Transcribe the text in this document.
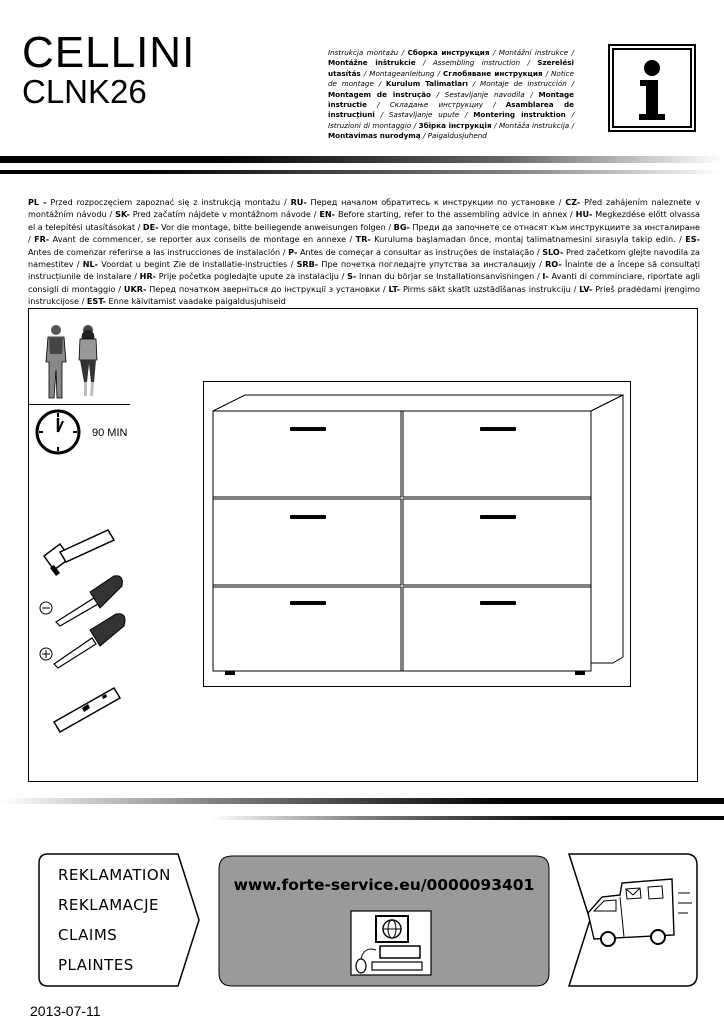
CELLINI
CLNK26
Instrukcja montażu / Сборка инструкция / Montážní instrukce / Montážne inštrukcie / Assembling instruction / Szerelési utasítás / Montageanleitung / Сглобяване инструкция / Notice de montage / Kurulum Talimatları / Montaje de instrucción / Montagem de instrução / Sestavljanje navodila / Montage instructie / Складање инструкциу / Asamblarea de instrucțiuni / Sastavljanje upute / Montering instruktion / Istruzioni di montaggio / Збірка інструкція / Montāža instrukcija / Montavimas nurodymą / Paigaldusjuhend
PL - Przed rozpoczęciem zapoznać się z instrukcją montażu / RU- Перед началом обратитесь к инструкции по установке / CZ- Před zahájením naleznete v montážním návodu / SK- Pred začatím nájdete v montážnom návode / EN- Before starting, refer to the assembling advice in annex / HU- Megkezdése előtt olvassa el a telepítési utasításokat / DE- Vor die montage, bitte beiliegende anweisungen folgen / BG- Преди да започнете се отнасят към инструкциите за инсталиране / FR- Avant de commencer, se reporter aux conseils de montage en annexe / TR- Kuruluma başlamadan önce, montaj talimatnamesini sırasıyla takip edin. / ES- Antes de comenzar referirse a las instrucciones de instalación / P- Antes de começar a consultar as instruções de instalação / SLO- Pred začetkom glejte navodila za namestitev / NL- Voordat u begint Zie de installatie-instructies / SRB- Пре почетка погледајте упутства за инсталацију / RO- Înainte de a începe să consultați instrucțiunile de instalare / HR- Prije početka pogledajte upute za instalaciju / S- Innan du börjar se Installationsanvisningen / I- Avanti di comminciare, riportate agli consigli di montaggio / UKR- Перед початком зверніться до інструкції з установки / LT- Pirms sākt skatīt uzstādīšanas instrukciju / LV- Prieš pradėdami įrengimo instrukcijose / EST- Enne käivitamist vaadake paigaldusjuhiseid
90 MIN
REKLAMATION
REKLAMACJE
CLAIMS
PLAINTES
www.forte-service.eu/0000093401
2013-07-11
